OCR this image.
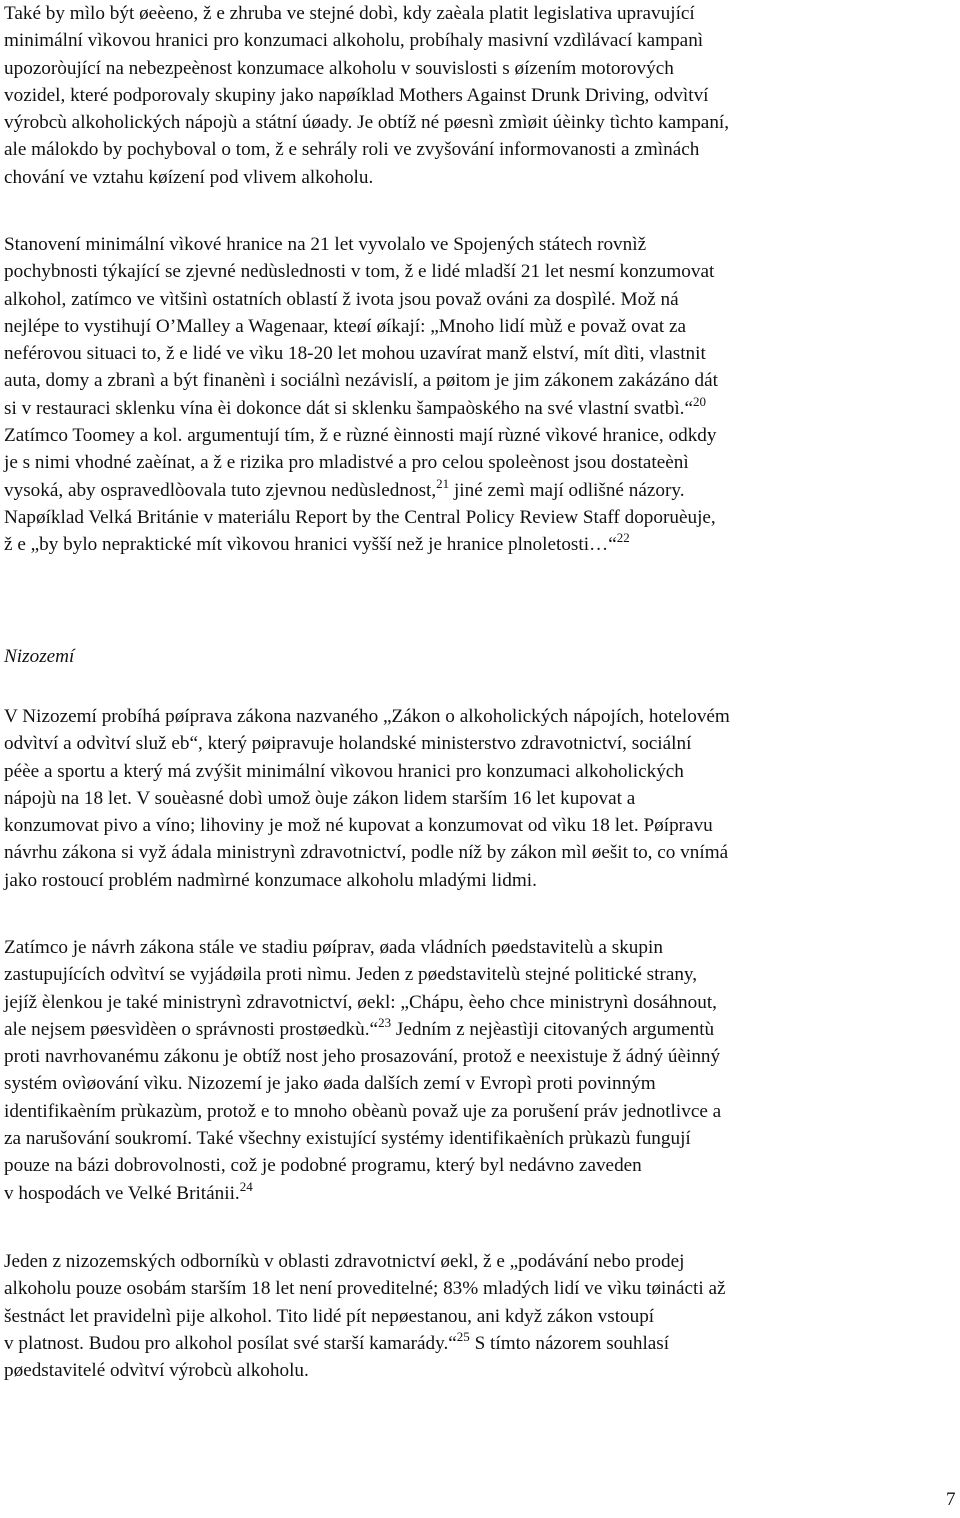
Také by mìlo být øeèeno, ž e zhruba ve stejné dobì, kdy zaèala platit legislativa upravující
minimální vìkovou hranici pro konzumaci alkoholu, probíhaly masivní vzdìlávací kampanì
upozoròující na nebezpeènost konzumace alkoholu v souvislosti s øízením motorových
vozidel, které podporovaly skupiny jako napøíklad Mothers Against Drunk Driving, odvìtví
výrobcù alkoholických nápojù a státní úøady. Je obtíž né pøesnì zmìøit úèinky tìchto kampaní,
ale málokdo by pochyboval o tom, ž e sehrály roli ve zvyšování informovanosti a zmìnách
chování ve vztahu køízení pod vlivem alkoholu.
Stanovení minimální vìkové hranice na 21 let vyvolalo ve Spojených státech rovnìž
pochybnosti týkající se zjevné nedùslednosti v tom, ž e lidé mladší 21 let nesmí konzumovat
alkohol, zatímco ve vìtšinì ostatních oblastí ž ivota jsou považ ováni za dospìlé. Mož ná
nejlépe to vystihují O’Malley a Wagenaar, kteøí øíkají: „Mnoho lidí mùž e považ ovat za
neférovou situaci to, ž e lidé ve vìku 18-20 let mohou uzavírat manž elství, mít dìti, vlastnit
auta, domy a zbranì a být finanènì i sociálnì nezávislí, a pøitom je jim zákonem zakázáno dát
si v restauraci sklenku vína èi dokonce dát si sklenku šampaòského na své vlastní svatbì.“$^{20}$
Zatímco Toomey a kol. argumentují tím, ž e rùzné èinnosti mají rùzné vìkové hranice, odkdy
je s nimi vhodné zaèínat, a ž e rizika pro mladistvé a pro celou spoleènost jsou dostateènì
vysoká, aby ospravedlòovala tuto zjevnou nedùslednost,$^{21}$ jiné zemì mají odlišné názory.
Napøíklad Velká Británie v materiálu Report by the Central Policy Review Staff doporuèuje,
ž e „by bylo nepraktické mít vìkovou hranici vyšší než je hranice plnoletosti…“$^{22}$
Nizozemí
V Nizozemí probíhá pøíprava zákona nazvaného „Zákon o alkoholických nápojích, hotelovém
odvìtví a odvìtví služ eb“, který pøipravuje holandské ministerstvo zdravotnictví, sociální
péèe a sportu a který má zvýšit minimální vìkovou hranici pro konzumaci alkoholických
nápojù na 18 let. V souèasné dobì umož òuje zákon lidem starším 16 let kupovat a
konzumovat pivo a víno; lihoviny je mož né kupovat a konzumovat od vìku 18 let. Pøípravu
návrhu zákona si vyž ádala ministrynì zdravotnictví, podle níž by zákon mìl øešit to, co vnímá
jako rostoucí problém nadmìrné konzumace alkoholu mladými lidmi.
Zatímco je návrh zákona stále ve stadiu pøíprav, øada vládních pøedstavitelù a skupin
zastupujících odvìtví se vyjádøila proti nìmu. Jeden z pøedstavitelù stejné politické strany,
jejíž èlenkou je také ministrynì zdravotnictví, øekl: „Chápu, èeho chce ministrynì dosáhnout,
ale nejsem pøesvìdèen o správnosti prostøedkù.“$^{23}$ Jedním z nejèastìji citovaných argumentù
proti navrhovanému zákonu je obtíž nost jeho prosazování, protož e neexistuje ž ádný úèinný
systém ovìøování vìku. Nizozemí je jako øada dalších zemí v Evropì proti povinným
identifikaèním prùkazùm, protož e to mnoho obèanù považ uje za porušení práv jednotlivce a
za narušování soukromí. Také všechny existující systémy identifikaèních prùkazù fungují
pouze na bázi dobrovolnosti, což je podobné programu, který byl nedávno zaveden
v hospodách ve Velké Británii.$^{24}$
Jeden z nizozemských odborníkù v oblasti zdravotnictví øekl, ž e „podávání nebo prodej
alkoholu pouze osobám starším 18 let není proveditelné; 83% mladých lidí ve vìku tøinácti až
šestnáct let pravidelnì pije alkohol. Tito lidé pít nepøestanou, ani když zákon vstoupí
v platnost. Budou pro alkohol posílat své starší kamarády.“$^{25}$ S tímto názorem souhlasí
pøedstavitelé odvìtví výrobcù alkoholu.
7
